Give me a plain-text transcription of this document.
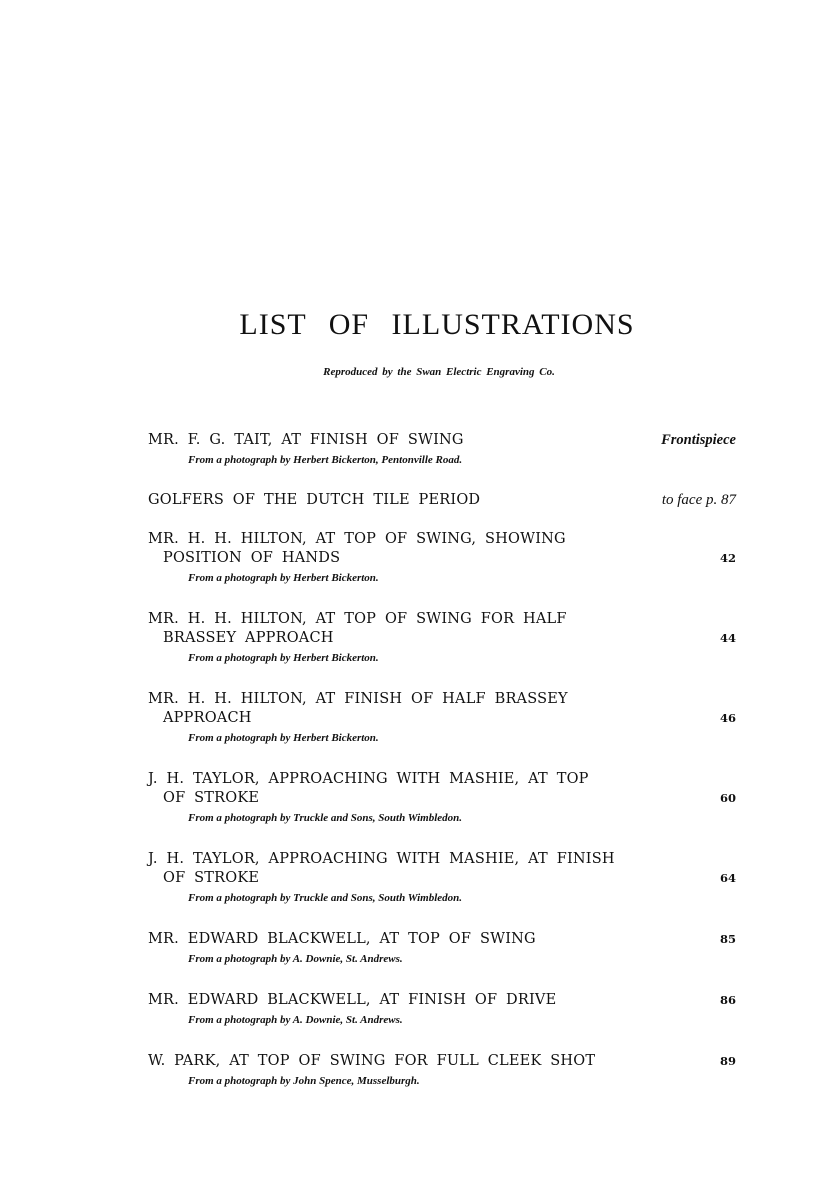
LIST OF ILLUSTRATIONS
Reproduced by the Swan Electric Engraving Co.
MR. F. G. TAIT, AT FINISH OF SWING	Frontispiece
From a photograph by Herbert Bickerton, Pentonville Road.
GOLFERS OF THE DUTCH TILE PERIOD	to face p. 87
MR. H. H. HILTON, AT TOP OF SWING, SHOWING
POSITION OF HANDS	42
From a photograph by Herbert Bickerton.
MR. H. H. HILTON, AT TOP OF SWING FOR HALF
BRASSEY APPROACH	44
From a photograph by Herbert Bickerton.
MR. H. H. HILTON, AT FINISH OF HALF BRASSEY
APPROACH	46
From a photograph by Herbert Bickerton.
J. H. TAYLOR, APPROACHING WITH MASHIE, AT TOP
OF STROKE	60
From a photograph by Truckle and Sons, South Wimbledon.
J. H. TAYLOR, APPROACHING WITH MASHIE, AT FINISH
OF STROKE	64
From a photograph by Truckle and Sons, South Wimbledon.
MR. EDWARD BLACKWELL, AT TOP OF SWING	85
From a photograph by A. Downie, St. Andrews.
MR. EDWARD BLACKWELL, AT FINISH OF DRIVE	86
From a photograph by A. Downie, St. Andrews.
W. PARK, AT TOP OF SWING FOR FULL CLEEK SHOT	89
From a photograph by John Spence, Musselburgh.
